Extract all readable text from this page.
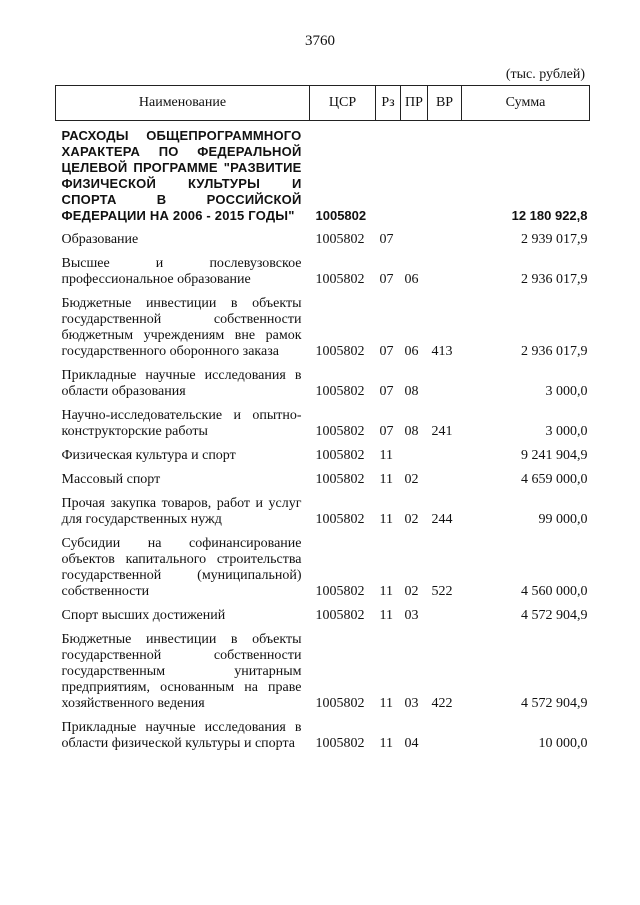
3760
(тыс. рублей)
Наименование	ЦСР	Рз	ПР	ВР	Сумма
РАСХОДЫ ОБЩЕПРОГРАММНОГО ХАРАКТЕРА ПО ФЕДЕРАЛЬНОЙ ЦЕЛЕВОЙ ПРОГРАММЕ "РАЗВИТИЕ ФИЗИЧЕСКОЙ КУЛЬТУРЫ И СПОРТА В РОССИЙСКОЙ ФЕДЕРАЦИИ НА 2006 - 2015 ГОДЫ"	1005802				12 180 922,8
Образование	1005802	07			2 939 017,9
Высшее и послевузовское профессиональное образование	1005802	07	06		2 936 017,9
Бюджетные инвестиции в объекты государственной собственности бюджетным учреждениям вне рамок государственного оборонного заказа	1005802	07	06	413	2 936 017,9
Прикладные научные исследования в области образования	1005802	07	08		3 000,0
Научно-исследовательские и опытно-конструкторские работы	1005802	07	08	241	3 000,0
Физическая культура и спорт	1005802	11			9 241 904,9
Массовый спорт	1005802	11	02		4 659 000,0
Прочая закупка товаров, работ и услуг для государственных нужд	1005802	11	02	244	99 000,0
Субсидии на софинансирование объектов капитального строительства государственной (муниципальной) собственности	1005802	11	02	522	4 560 000,0
Спорт высших достижений	1005802	11	03		4 572 904,9
Бюджетные инвестиции в объекты государственной собственности государственным унитарным предприятиям, основанным на праве хозяйственного ведения	1005802	11	03	422	4 572 904,9
Прикладные научные исследования в области физической культуры и спорта	1005802	11	04		10 000,0
